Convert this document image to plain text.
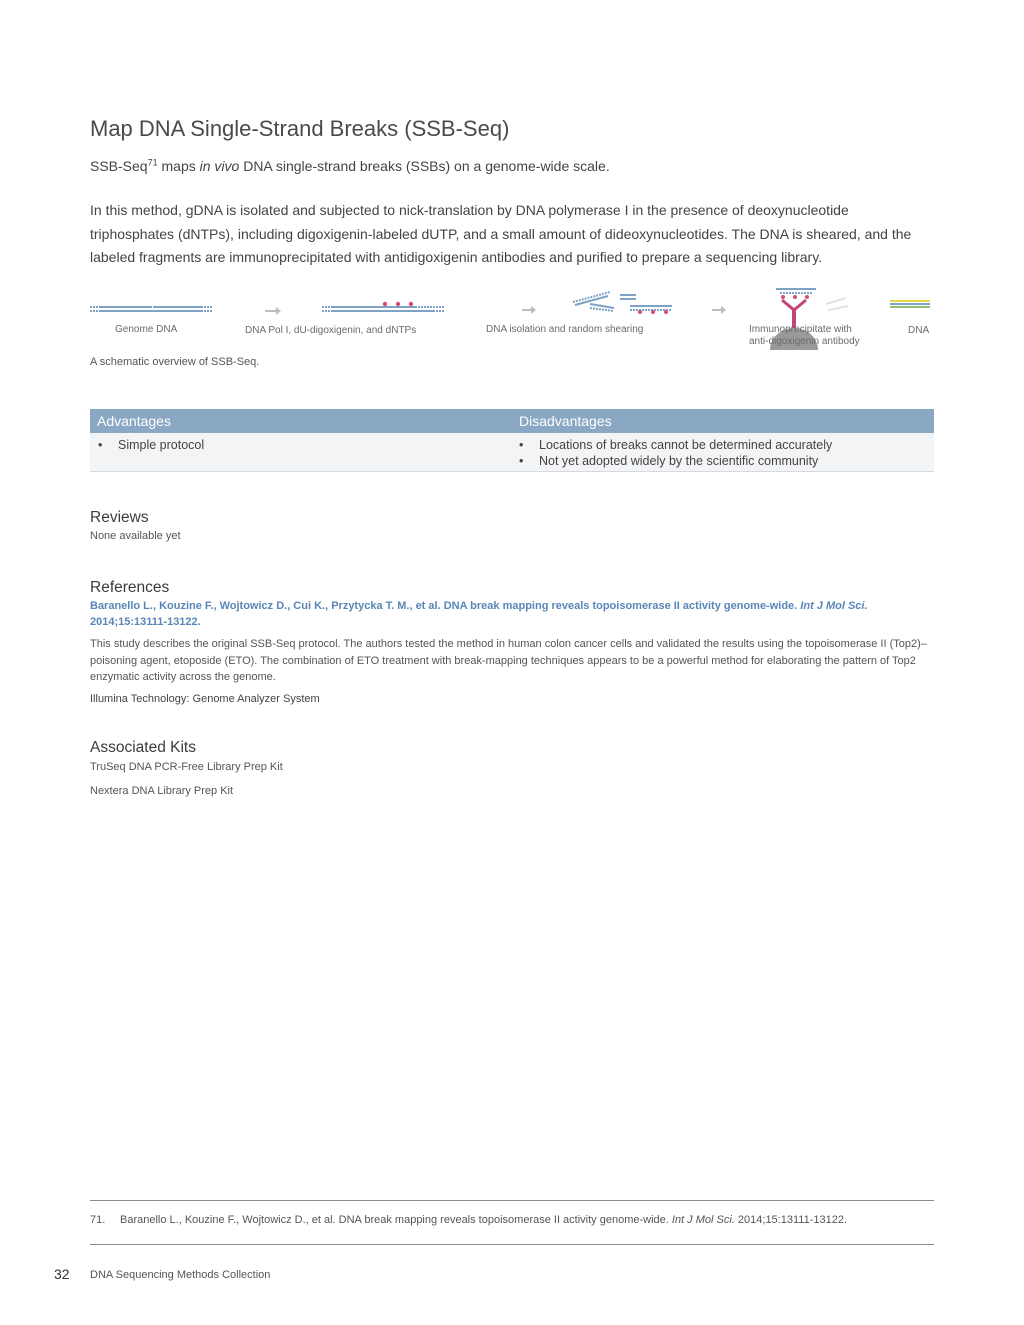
Map DNA Single-Strand Breaks (SSB-Seq)

SSB-Seq$^{71}$ maps in vivo DNA single-strand breaks (SSBs) on a genome-wide scale.

In this method, gDNA is isolated and subjected to nick-translation by DNA polymerase I in the presence of deoxynucleotide triphosphates (dNTPs), including digoxigenin-labeled dUTP, and a small amount of dideoxynucleotides. The DNA is sheared, and the labeled fragments are immunoprecipitated with antidigoxigenin antibodies and purified to prepare a sequencing library.

Genome DNA	DNA Pol I, dU-digoxigenin, and dNTPs	DNA isolation and random shearing	Immunoprecipitate with
anti-digoxigenin antibody
DNA
A schematic overview of SSB-Seq.
Advantages	Disadvantages
• Simple protocol	• Locations of breaks cannot be determined accurately
• Not yet adopted widely by the scientific community
Reviews

None available yet

References

Baranello L., Kouzine F., Wojtowicz D., Cui K., Przytycka T. M., et al. DNA break mapping reveals topoisomerase II activity genome-wide. Int J Mol Sci. 2014;15:13111-13122.

This study describes the original SSB-Seq protocol. The authors tested the method in human colon cancer cells and validated the results using the topoisomerase II (Top2)–poisoning agent, etoposide (ETO). The combination of ETO treatment with break-mapping techniques appears to be a powerful method for elaborating the pattern of Top2 enzymatic activity across the genome.

Illumina Technology: Genome Analyzer System

Associated Kits

TruSeq DNA PCR-Free Library Prep Kit

Nextera DNA Library Prep Kit

71. Baranello L., Kouzine F., Wojtowicz D., et al. DNA break mapping reveals topoisomerase II activity genome-wide. Int J Mol Sci. 2014;15:13111-13122.
32 DNA Sequencing Methods Collection
